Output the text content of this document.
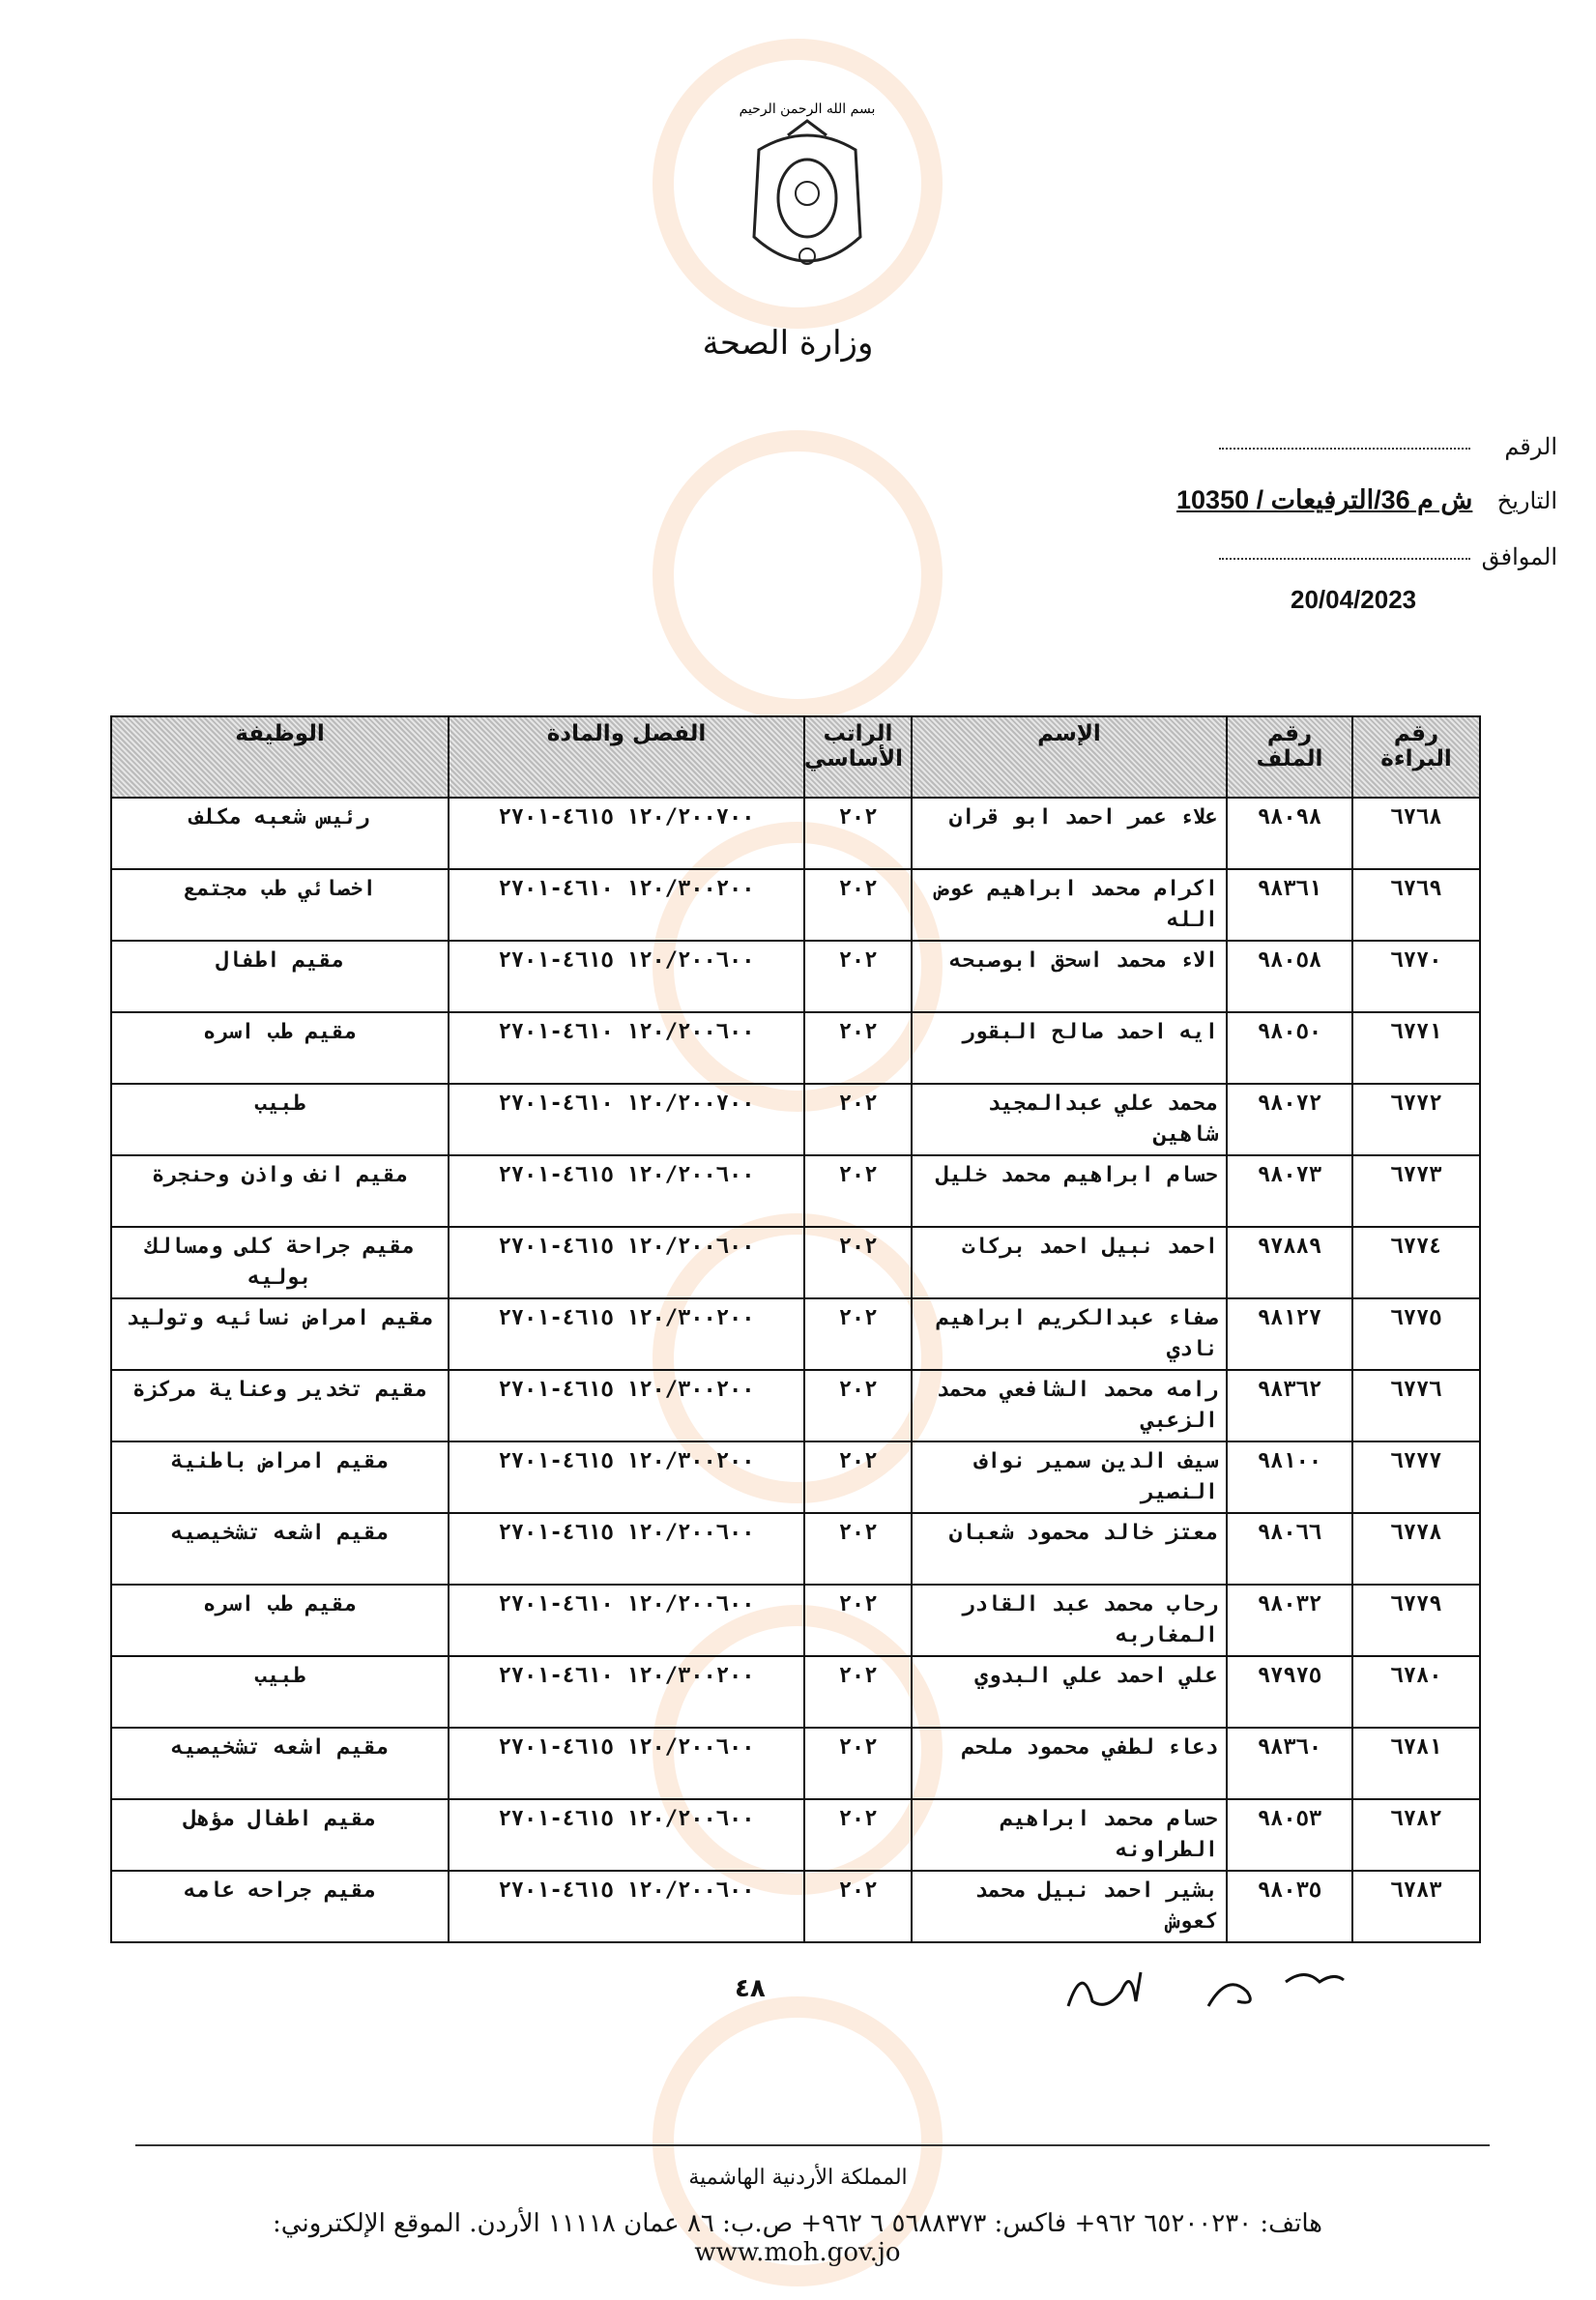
بسم الله الرحمن الرحيم
وزارة الصحة
الرقم
التاريخ ش م 36/الترفيعات / 10350
الموافق
20/04/2023
رقم البراءة	رقم الملف	الإسم	الراتب الأساسي	الفصل والمادة	الوظيفة
٦٧٦٨	٩٨٠٩٨	علاء عمر احمد ابو قران	٢٠٢	١٢٠/٢٠٠٧٠٠ ٤٦١٥-٢٧٠١	رئيس شعبه مكلف
٦٧٦٩	٩٨٣٦١	اكرام محمد ابراهيم عوض الله	٢٠٢	١٢٠/٣٠٠٢٠٠ ٤٦١٠-٢٧٠١	اخصائي طب مجتمع
٦٧٧٠	٩٨٠٥٨	الاء محمد اسحق ابوصبحه	٢٠٢	١٢٠/٢٠٠٦٠٠ ٤٦١٥-٢٧٠١	مقيم اطفال
٦٧٧١	٩٨٠٥٠	ايه احمد صالح البقور	٢٠٢	١٢٠/٢٠٠٦٠٠ ٤٦١٠-٢٧٠١	مقيم طب اسره
٦٧٧٢	٩٨٠٧٢	محمد علي عبدالمجيد شاهين	٢٠٢	١٢٠/٢٠٠٧٠٠ ٤٦١٠-٢٧٠١	طبيب
٦٧٧٣	٩٨٠٧٣	حسام ابراهيم محمد خليل	٢٠٢	١٢٠/٢٠٠٦٠٠ ٤٦١٥-٢٧٠١	مقيم انف واذن وحنجرة
٦٧٧٤	٩٧٨٨٩	احمد نبيل احمد بركات	٢٠٢	١٢٠/٢٠٠٦٠٠ ٤٦١٥-٢٧٠١	مقيم جراحة كلى ومسالك بوليه
٦٧٧٥	٩٨١٢٧	صفاء عبدالكريم ابراهيم نادي	٢٠٢	١٢٠/٣٠٠٢٠٠ ٤٦١٥-٢٧٠١	مقيم امراض نسائيه وتوليد
٦٧٧٦	٩٨٣٦٢	رامه محمد الشافعي محمد الزعبي	٢٠٢	١٢٠/٣٠٠٢٠٠ ٤٦١٥-٢٧٠١	مقيم تخدير وعناية مركزة
٦٧٧٧	٩٨١٠٠	سيف الدين سمير نواف النصير	٢٠٢	١٢٠/٣٠٠٢٠٠ ٤٦١٥-٢٧٠١	مقيم امراض باطنية
٦٧٧٨	٩٨٠٦٦	معتز خالد محمود شعبان	٢٠٢	١٢٠/٢٠٠٦٠٠ ٤٦١٥-٢٧٠١	مقيم اشعه تشخيصيه
٦٧٧٩	٩٨٠٣٢	رحاب محمد عبد القادر المغاربه	٢٠٢	١٢٠/٢٠٠٦٠٠ ٤٦١٠-٢٧٠١	مقيم طب اسره
٦٧٨٠	٩٧٩٧٥	علي احمد علي البدوي	٢٠٢	١٢٠/٣٠٠٢٠٠ ٤٦١٠-٢٧٠١	طبيب
٦٧٨١	٩٨٣٦٠	دعاء لطفي محمود ملحم	٢٠٢	١٢٠/٢٠٠٦٠٠ ٤٦١٥-٢٧٠١	مقيم اشعه تشخيصيه
٦٧٨٢	٩٨٠٥٣	حسام محمد ابراهيم الطراونه	٢٠٢	١٢٠/٢٠٠٦٠٠ ٤٦١٥-٢٧٠١	مقيم اطفال مؤهل
٦٧٨٣	٩٨٠٣٥	بشير احمد نبيل محمد كعوش	٢٠٢	١٢٠/٢٠٠٦٠٠ ٤٦١٥-٢٧٠١	مقيم جراحه عامه
٤٨
المملكة الأردنية الهاشمية
هاتف: ٦٥٢٠٠٢٣٠ ٩٦٢+ فاكس: ٥٦٨٨٣٧٣ ٦ ٩٦٢+ ص.ب: ٨٦ عمان ١١١١٨ الأردن. الموقع الإلكتروني: www.moh.gov.jo
